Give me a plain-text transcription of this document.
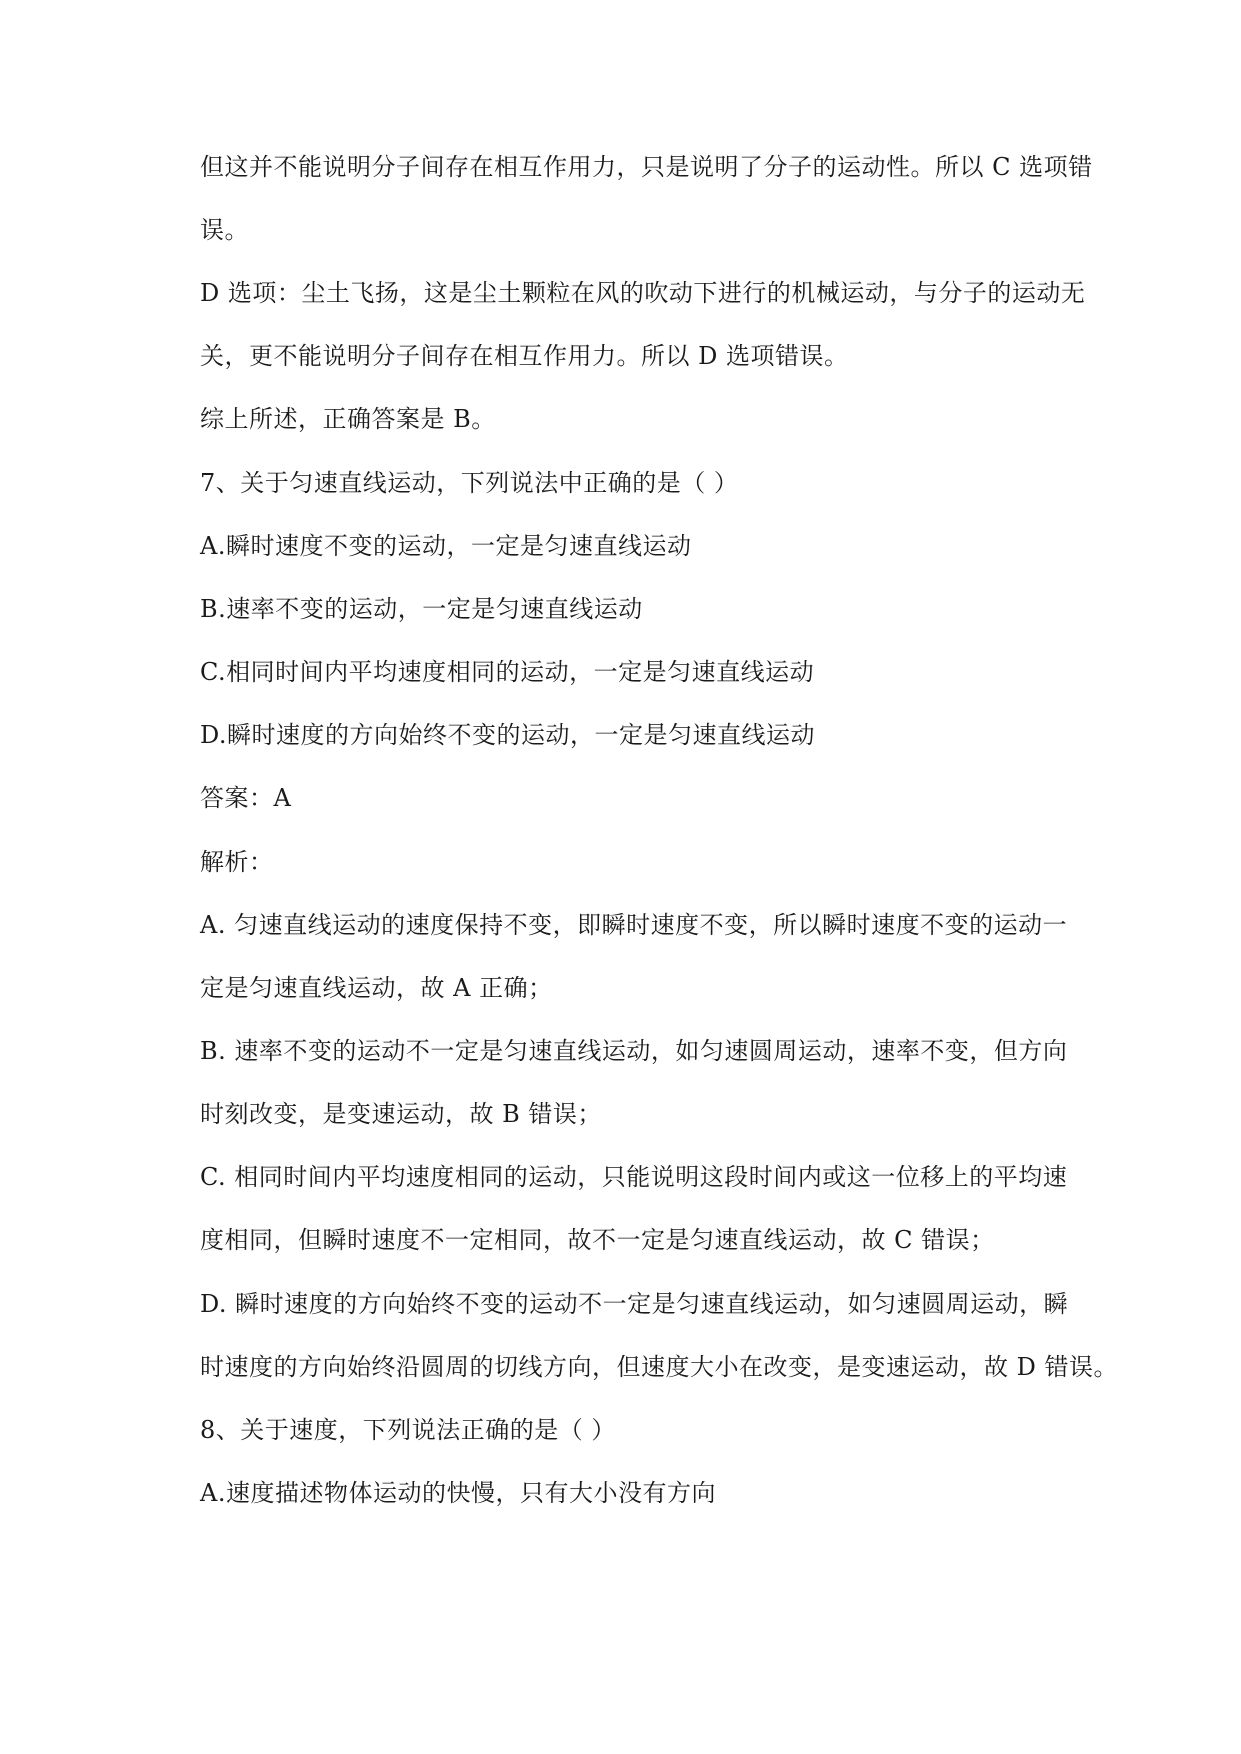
但这并不能说明分子间存在相互作用力，只是说明了分子的运动性。所以 C 选项错
误。
D 选项：尘土飞扬，这是尘土颗粒在风的吹动下进行的机械运动，与分子的运动无
关，更不能说明分子间存在相互作用力。所以 D 选项错误。
综上所述，正确答案是 B。
7、关于匀速直线运动，下列说法中正确的是（ ）
A.瞬时速度不变的运动，一定是匀速直线运动
B.速率不变的运动，一定是匀速直线运动
C.相同时间内平均速度相同的运动，一定是匀速直线运动
D.瞬时速度的方向始终不变的运动，一定是匀速直线运动
答案：A
解析：
A. 匀速直线运动的速度保持不变，即瞬时速度不变，所以瞬时速度不变的运动一
定是匀速直线运动，故 A 正确；
B. 速率不变的运动不一定是匀速直线运动，如匀速圆周运动，速率不变，但方向
时刻改变，是变速运动，故 B 错误；
C. 相同时间内平均速度相同的运动，只能说明这段时间内或这一位移上的平均速
度相同，但瞬时速度不一定相同，故不一定是匀速直线运动，故 C 错误；
D. 瞬时速度的方向始终不变的运动不一定是匀速直线运动，如匀速圆周运动，瞬
时速度的方向始终沿圆周的切线方向，但速度大小在改变，是变速运动，故 D 错误。
8、关于速度，下列说法正确的是（ ）
A.速度描述物体运动的快慢，只有大小没有方向
